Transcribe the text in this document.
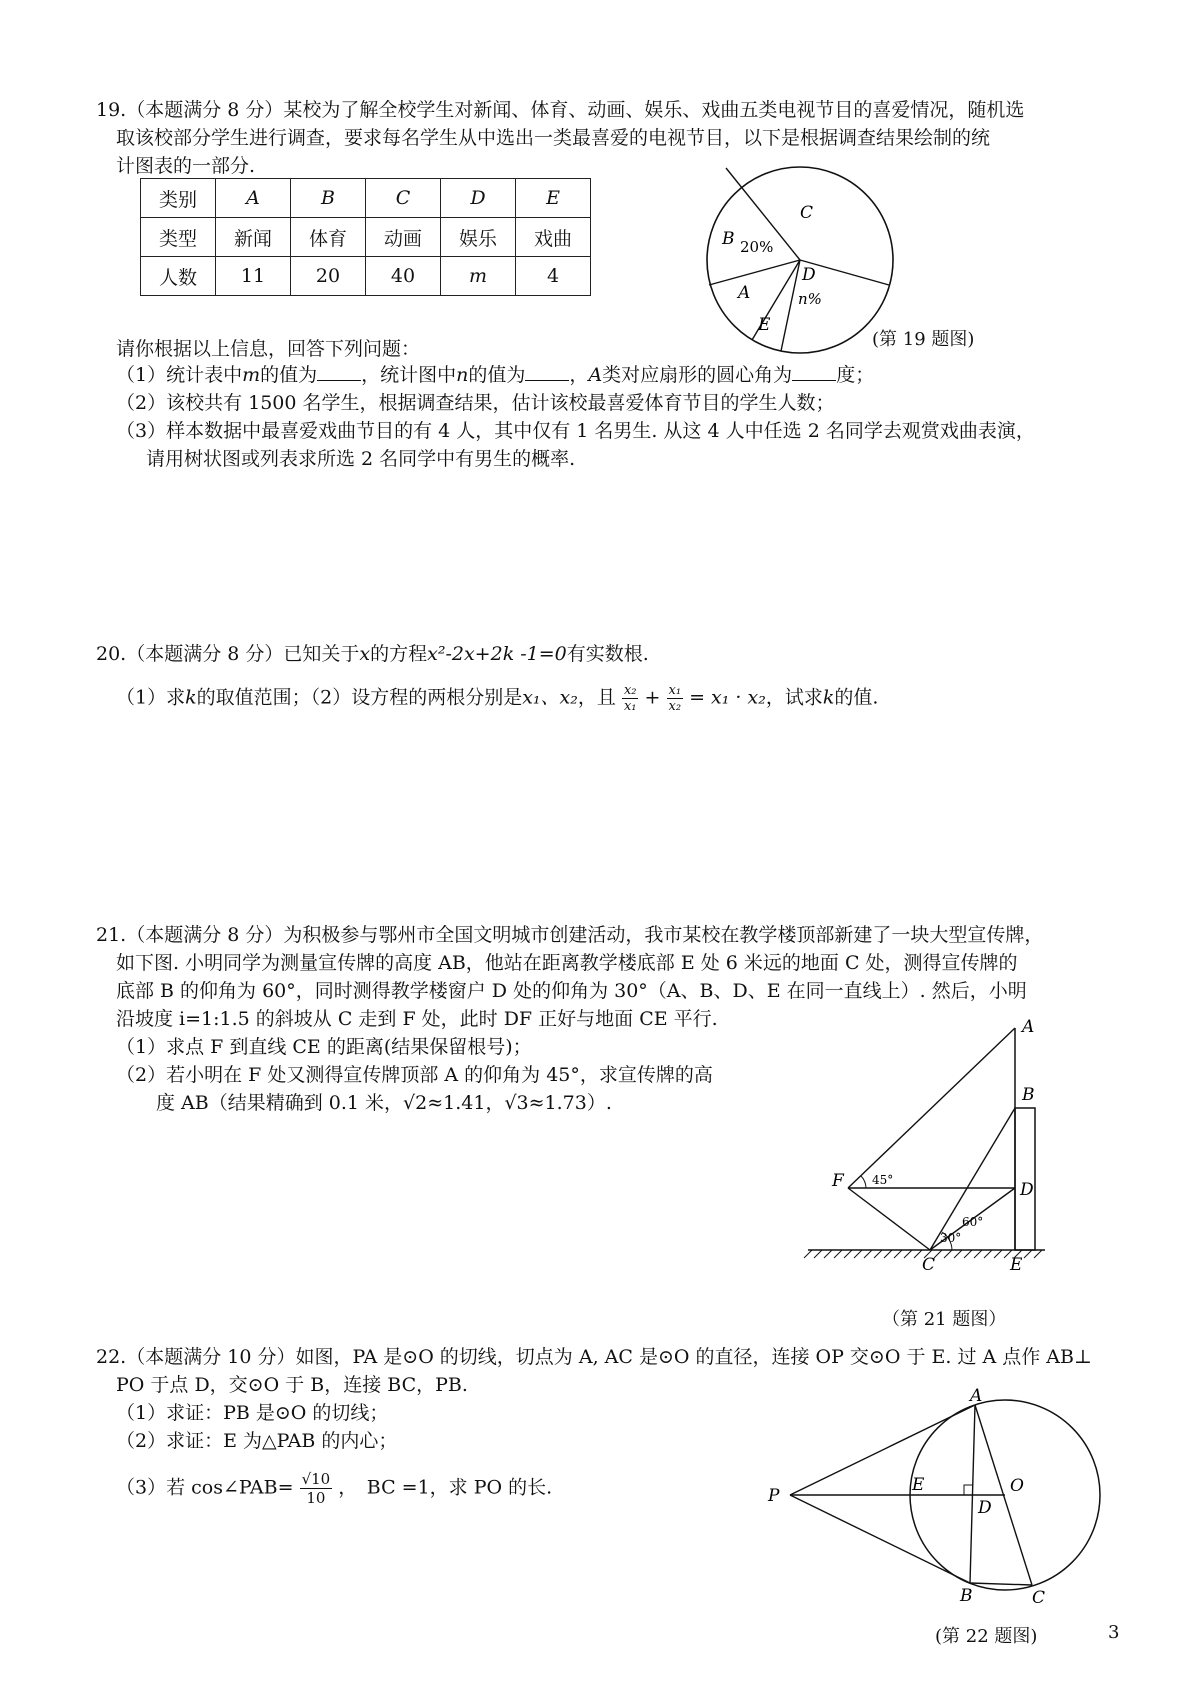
19.（本题满分 8 分）某校为了解全校学生对新闻、体育、动画、娱乐、戏曲五类电视节目的喜爱情况，随机选
取该校部分学生进行调查，要求每名学生从中选出一类最喜爱的电视节目，以下是根据调查结果绘制的统
计图表的一部分.
类别	A	B	C	D	E
类型	新闻	体育	动画	娱乐	戏曲
人数	11	20	40	m	4
C
B 20%
D
n%
A
E
(第 19 题图)
请你根据以上信息，回答下列问题：
（1）统计表中m的值为 ，统计图中n的值为 ，A类对应扇形的圆心角为 度；
（2）该校共有 1500 名学生，根据调查结果，估计该校最喜爱体育节目的学生人数；
（3）样本数据中最喜爱戏曲节目的有 4 人，其中仅有 1 名男生. 从这 4 人中任选 2 名同学去观赏戏曲表演，
请用树状图或列表求所选 2 名同学中有男生的概率.
20.（本题满分 8 分）已知关于x的方程x²-2x+2k -1=0有实数根.
（1）求k的取值范围；（2）设方程的两根分别是x₁、x₂，且 $\frac{\text{x₂}}{\text{x₁}} + \frac{\text{x₁}}{\text{x₂}} = x_1 \cdot x_2$，试求k的值.
21.（本题满分 8 分）为积极参与鄂州市全国文明城市创建活动，我市某校在教学楼顶部新建了一块大型宣传牌，
如下图. 小明同学为测量宣传牌的高度 AB，他站在距离教学楼底部 E 处 6 米远的地面 C 处，测得宣传牌的
底部 B 的仰角为 60°，同时测得教学楼窗户 D 处的仰角为 30°（A、B、D、E 在同一直线上）. 然后，小明
沿坡度 i=1:1.5 的斜坡从 C 走到 F 处，此时 DF 正好与地面 CE 平行.
（1）求点 F 到直线 CE 的距离(结果保留根号)；
（2）若小明在 F 处又测得宣传牌顶部 A 的仰角为 45°，求宣传牌的高
度 AB（结果精确到 0.1 米，√2≈1.41，√3≈1.73）.
A
B
D
F
C	E
45°
60°
30°
（第 21 题图）
22.（本题满分 10 分）如图，PA 是⊙O 的切线，切点为 A, AC 是⊙O 的直径，连接 OP 交⊙O 于 E. 过 A 点作 AB⊥
PO 于点 D，交⊙O 于 B，连接 BC，PB.
（1）求证：PB 是⊙O 的切线；
（2）求证：E 为△PAB 的内心；
（3）若 cos∠PAB= $\frac{√10}{10}$ ，　BC =1，求 PO 的长.
A
P
E	O
D
B	C
(第 22 题图)	3
